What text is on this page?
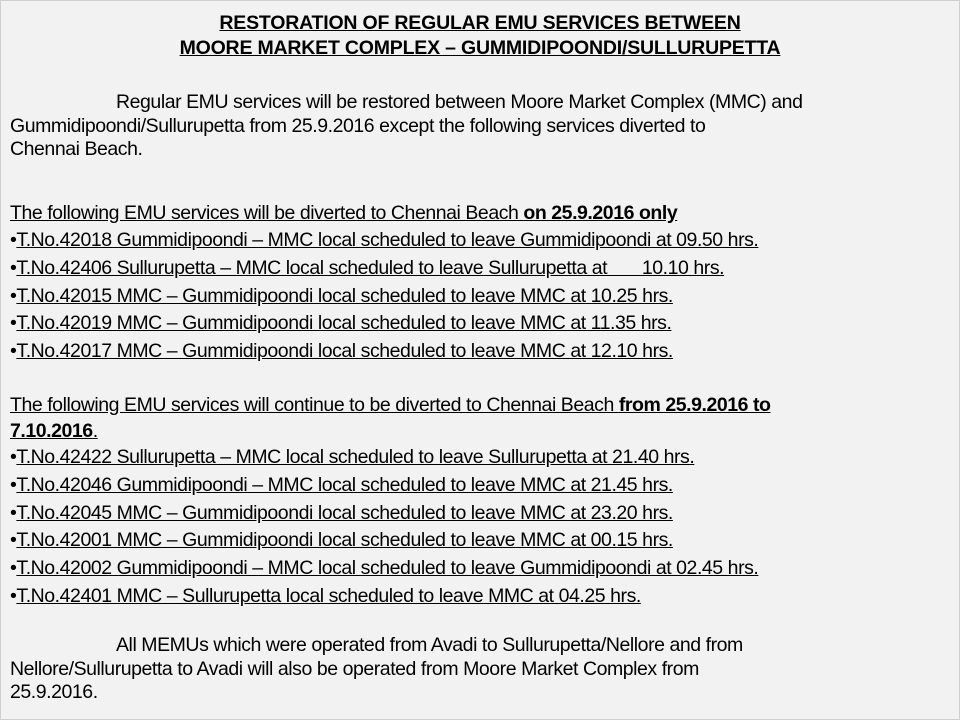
RESTORATION OF REGULAR EMU SERVICES BETWEEN
MOORE MARKET COMPLEX – GUMMIDIPOONDI/SULLURUPETTA
Regular EMU services will be restored between Moore Market Complex (MMC) and
Gummidipoondi/Sullurupetta from 25.9.2016 except the following services diverted to
Chennai Beach.
The following EMU services will be diverted to Chennai Beach on 25.9.2016 only
•T.No.42018 Gummidipoondi – MMC local scheduled to leave Gummidipoondi at 09.50 hrs.
•T.No.42406 Sullurupetta – MMC local scheduled to leave Sullurupetta at       10.10 hrs.
•T.No.42015 MMC – Gummidipoondi local scheduled to leave MMC at 10.25 hrs.
•T.No.42019 MMC – Gummidipoondi local scheduled to leave MMC at 11.35 hrs.
•T.No.42017 MMC – Gummidipoondi local scheduled to leave MMC at 12.10 hrs.
The following EMU services will continue to be diverted to Chennai Beach from 25.9.2016 to
7.10.2016.
•T.No.42422 Sullurupetta – MMC local scheduled to leave Sullurupetta at 21.40 hrs.
•T.No.42046 Gummidipoondi – MMC local scheduled to leave MMC at 21.45 hrs.
•T.No.42045 MMC – Gummidipoondi local scheduled to leave MMC at 23.20 hrs.
•T.No.42001 MMC – Gummidipoondi local scheduled to leave MMC at 00.15 hrs.
•T.No.42002 Gummidipoondi – MMC local scheduled to leave Gummidipoondi at 02.45 hrs.
•T.No.42401 MMC – Sullurupetta local scheduled to leave MMC at 04.25 hrs.
All MEMUs which were operated from Avadi to Sullurupetta/Nellore and from
Nellore/Sullurupetta to Avadi will also be operated from Moore Market Complex from
25.9.2016.
